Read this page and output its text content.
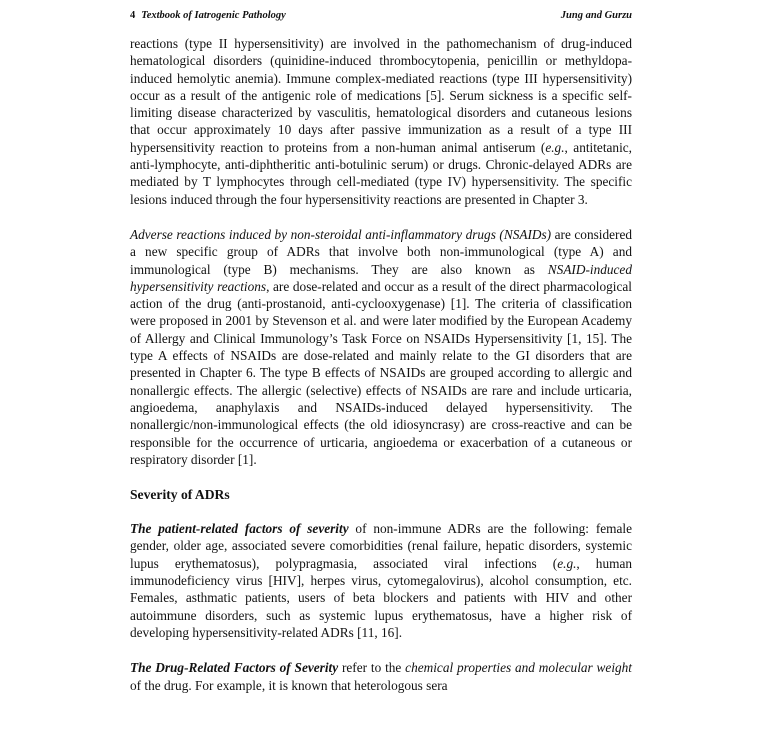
4 Textbook of Iatrogenic Pathology	Jung and Gurzu

reactions (type II hypersensitivity) are involved in the pathomechanism of drug-induced hematological disorders (quinidine-induced thrombocytopenia, penicillin or methyldopa-induced hemolytic anemia). Immune complex-mediated reactions (type III hypersensitivity) occur as a result of the antigenic role of medications [5]. Serum sickness is a specific self-limiting disease characterized by vasculitis, hematological disorders and cutaneous lesions that occur approximately 10 days after passive immunization as a result of a type III hypersensitivity reaction to proteins from a non-human animal antiserum (e.g., antitetanic, anti-lymphocyte, anti-diphtheritic anti-botulinic serum) or drugs. Chronic-delayed ADRs are mediated by T lymphocytes through cell-mediated (type IV) hypersensitivity. The specific lesions induced through the four hypersensitivity reactions are presented in Chapter 3.

Adverse reactions induced by non-steroidal anti-inflammatory drugs (NSAIDs) are considered a new specific group of ADRs that involve both non-immunological (type A) and immunological (type B) mechanisms. They are also known as NSAID-induced hypersensitivity reactions, are dose-related and occur as a result of the direct pharmacological action of the drug (anti-prostanoid, anti-cyclooxygenase) [1]. The criteria of classification were proposed in 2001 by Stevenson et al. and were later modified by the European Academy of Allergy and Clinical Immunology’s Task Force on NSAIDs Hypersensitivity [1, 15]. The type A effects of NSAIDs are dose-related and mainly relate to the GI disorders that are presented in Chapter 6. The type B effects of NSAIDs are grouped according to allergic and nonallergic effects. The allergic (selective) effects of NSAIDs are rare and include urticaria, angioedema, anaphylaxis and NSAIDs-induced delayed hypersensitivity. The nonallergic/non-immunological effects (the old idiosyncrasy) are cross-reactive and can be responsible for the occurrence of urticaria, angioedema or exacerbation of a cutaneous or respiratory disorder [1].

Severity of ADRs

The patient-related factors of severity of non-immune ADRs are the following: female gender, older age, associated severe comorbidities (renal failure, hepatic disorders, systemic lupus erythematosus), polypragmasia, associated viral infections (e.g., human immunodeficiency virus [HIV], herpes virus, cytomegalovirus), alcohol consumption, etc. Females, asthmatic patients, users of beta blockers and patients with HIV and other autoimmune disorders, such as systemic lupus erythematosus, have a higher risk of developing hypersensitivity-related ADRs [11, 16].

The Drug-Related Factors of Severity refer to the chemical properties and molecular weight of the drug. For example, it is known that heterologous sera
